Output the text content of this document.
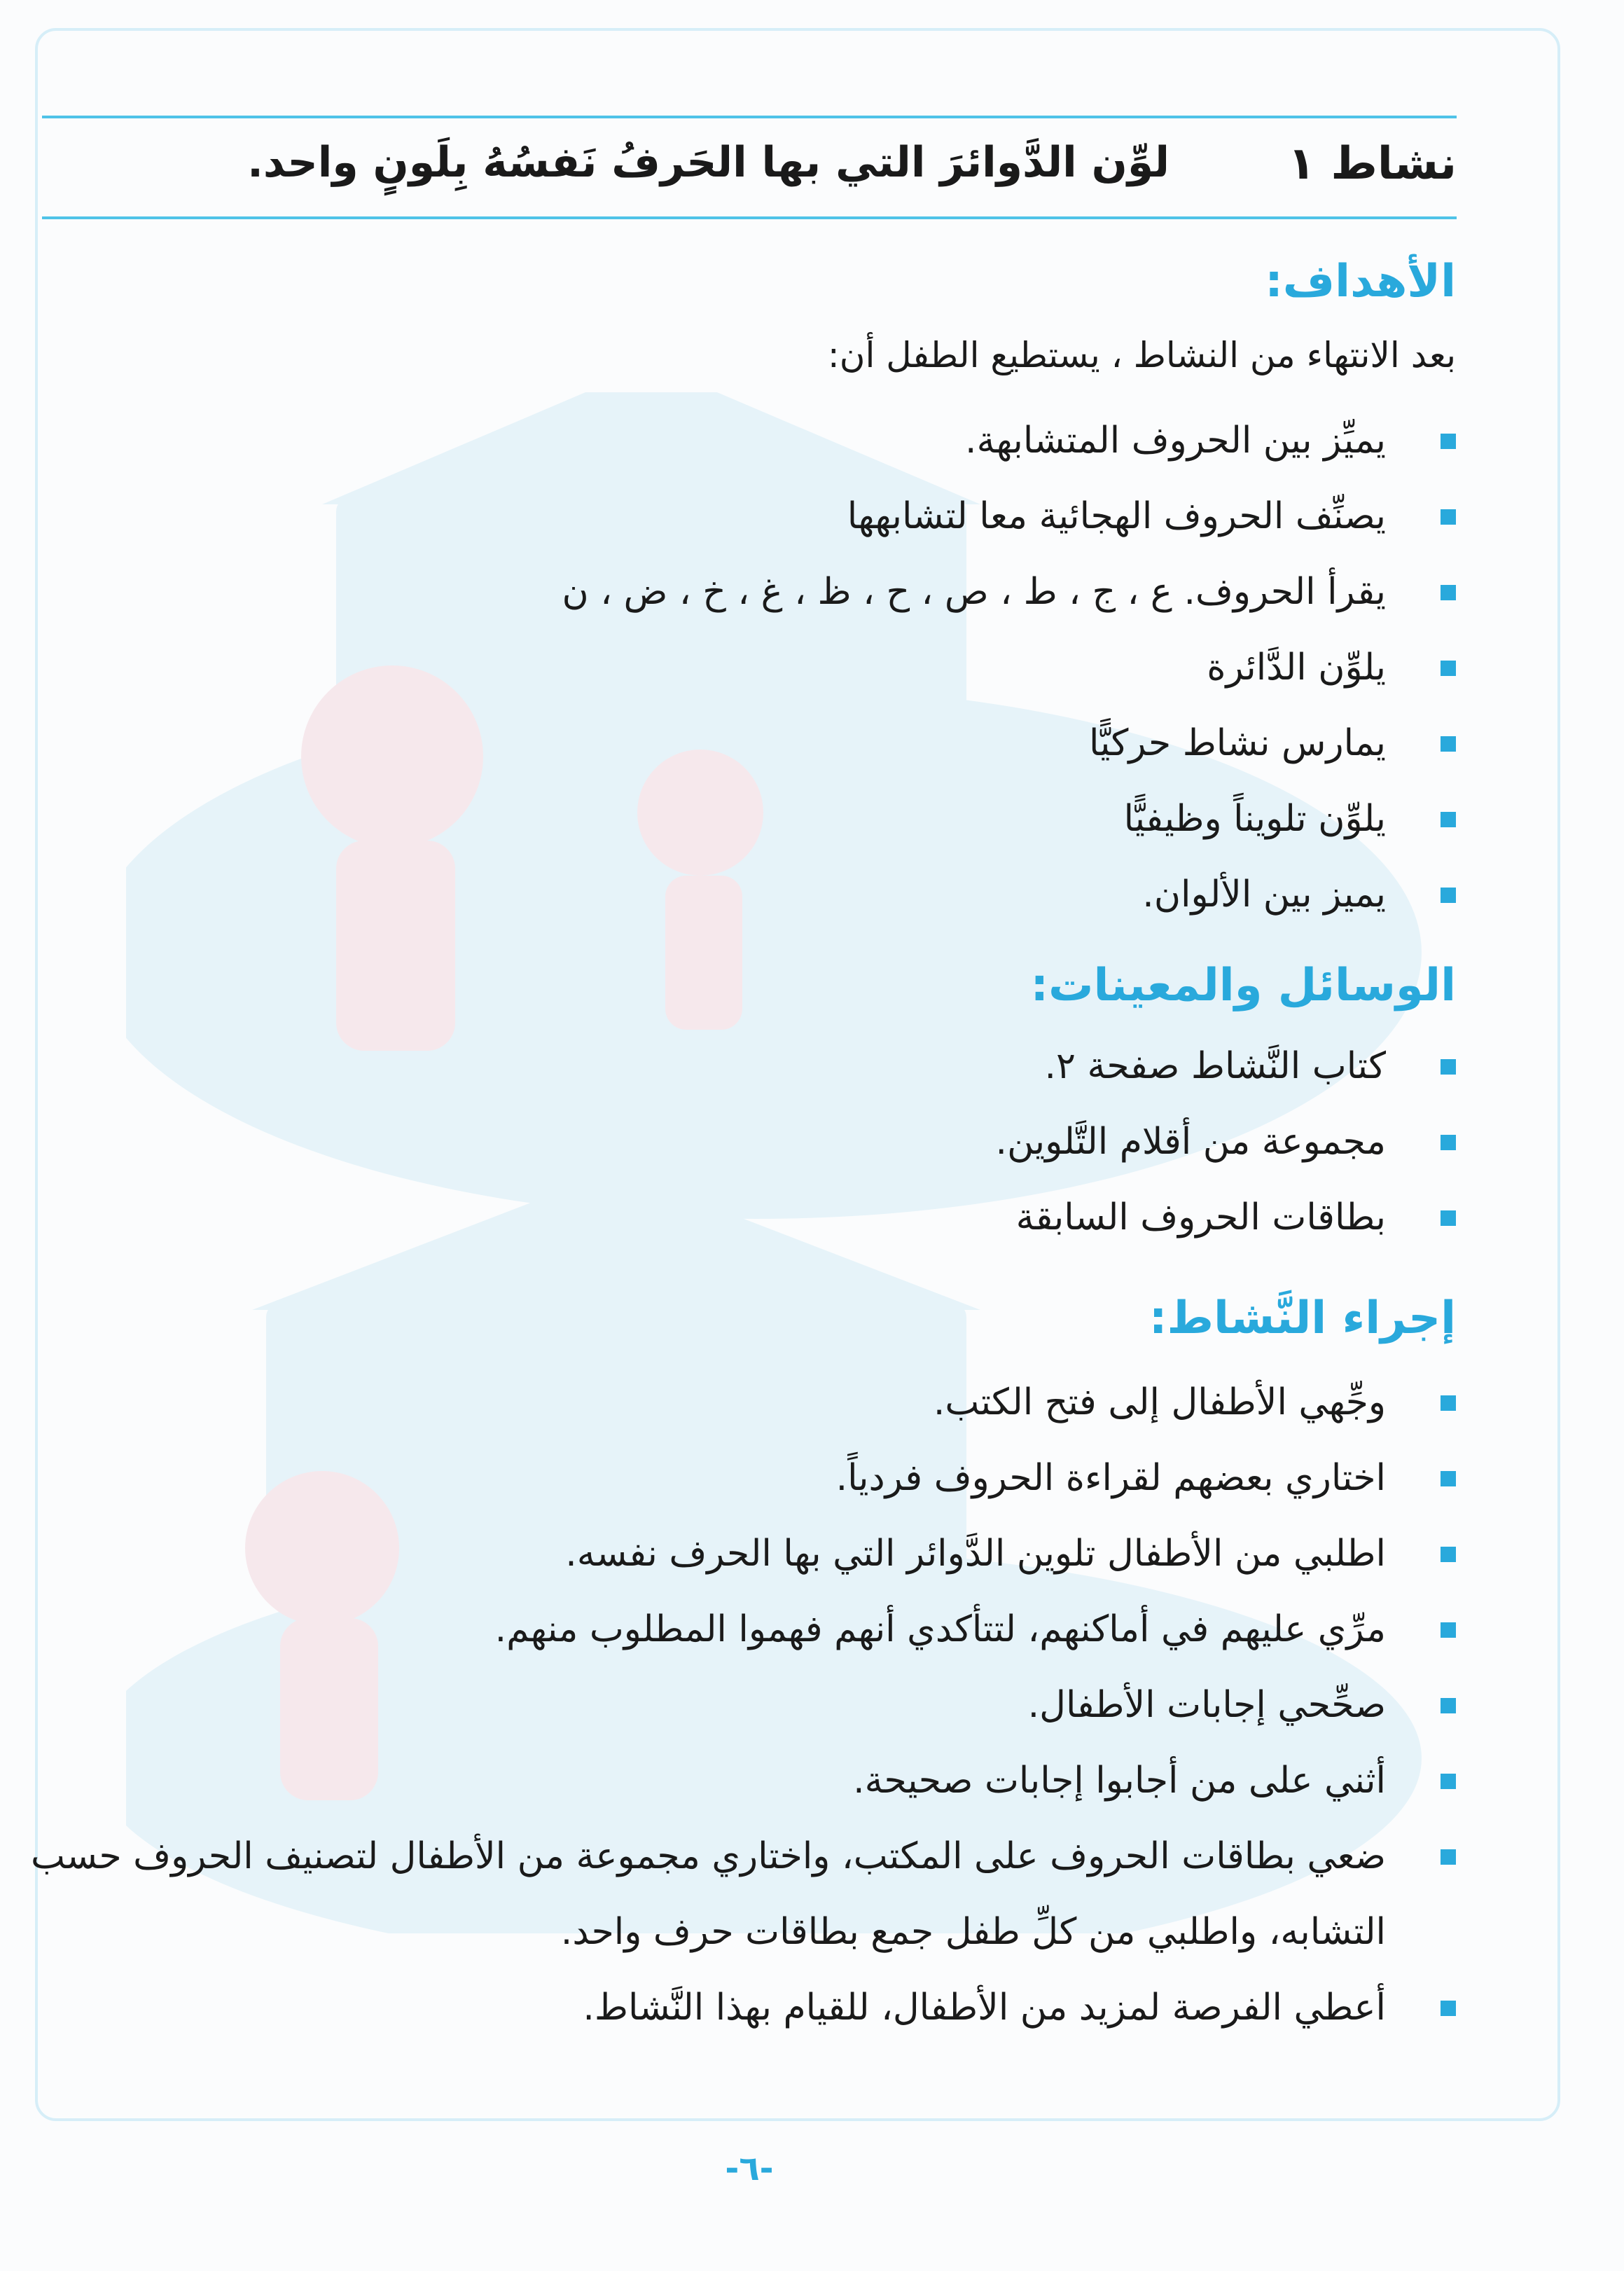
نشاط ١
لوِّن الدَّوائرَ التي بها الحَرفُ نَفسُهُ بِلَونٍ واحد.
الأهداف:
بعد الانتهاء من النشاط ، يستطيع الطفل أن:
يميِّز بين الحروف المتشابهة.
يصنِّف الحروف الهجائية معا لتشابهها
يقرأ الحروف. ع ، ج ، ط ، ص ، ح ، ظ ، غ ، خ ، ض ، ن
يلوِّن الدَّائرة
يمارس نشاط حركيًّا
يلوِّن تلويناً وظيفيًّا
يميز بين الألوان.
الوسائل والمعينات:
كتاب النَّشاط صفحة ٢.
مجموعة من أقلام التَّلوين.
بطاقات الحروف السابقة
إجراء النَّشاط:
وجِّهي الأطفال إلى فتح الكتب.
اختاري بعضهم لقراءة الحروف فردياً.
اطلبي من الأطفال تلوين الدَّوائر التي بها الحرف نفسه.
مرِّي عليهم في أماكنهم، لتتأكدي أنهم فهموا المطلوب منهم.
صحِّحي إجابات الأطفال.
أثني على من أجابوا إجابات صحيحة.
ضعي بطاقات الحروف على المكتب، واختاري مجموعة من الأطفال لتصنيف الحروف حسب التشابه، واطلبي من كلِّ طفل جمع بطاقات حرف واحد.
أعطي الفرصة لمزيد من الأطفال، للقيام بهذا النَّشاط.
-٦-
